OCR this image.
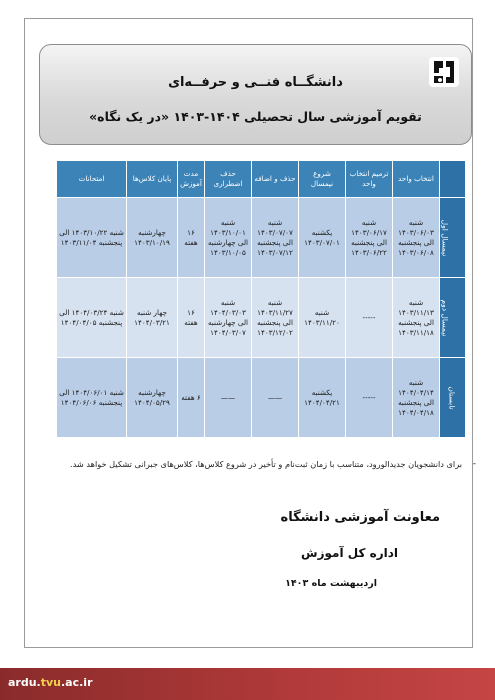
دانشگــاه فنــی و حرفــه‌ای
تقویم آموزشی سال تحصیلی ۱۴۰۴-۱۴۰۳ «در یک نگاه»
	انتخاب واحد	ترمیم انتخاب واحد	شروع نیمسال	حذف و اضافه	حذف اضطراری	مدت آموزش	پایان کلاس‌ها	امتحانات
نیمسال اول	شنبه ۱۴۰۳/۰۶/۰۳ الی پنجشنبه ۱۴۰۳/۰۶/۰۸	شنبه ۱۴۰۳/۰۶/۱۷ الی پنجشنبه ۱۴۰۳/۰۶/۲۲	یکشنبه ۱۴۰۳/۰۷/۰۱	شنبه ۱۴۰۳/۰۷/۰۷ الی پنجشنبه ۱۴۰۳/۰۷/۱۲	شنبه ۱۴۰۳/۱۰/۰۱ الی چهارشنبه ۱۴۰۳/۱۰/۰۵	۱۶ هفته	چهارشنبه ۱۴۰۳/۱۰/۱۹	شنبه ۱۴۰۳/۱۰/۲۲ الی پنجشنبه ۱۴۰۳/۱۱/۰۴
نیمسال دوم	شنبه ۱۴۰۳/۱۱/۱۳ الی پنجشنبه ۱۴۰۳/۱۱/۱۸	-----	شنبه ۱۴۰۳/۱۱/۲۰	شنبه ۱۴۰۳/۱۱/۲۷ الی پنجشنبه ۱۴۰۳/۱۲/۰۲	شنبه ۱۴۰۴/۰۳/۰۳ الی چهارشنبه ۱۴۰۴/۰۳/۰۷	۱۶ هفته	چهار شنبه ۱۴۰۴/۰۳/۲۱	شنبه ۱۴۰۴/۰۳/۲۴ الی پنجشنبه ۱۴۰۴/۰۴/۰۵
تابستان	شنبه ۱۴۰۴/۰۴/۱۴ الی پنجشنبه ۱۴۰۴/۰۴/۱۸	-----	یکشنبه ۱۴۰۴/۰۴/۲۱	——	——	۶ هفته	چهارشنبه ۱۴۰۴/۰۵/۲۹	شنبه ۱۴۰۴/۰۶/۰۱ الی پنجشنبه ۱۴۰۴/۰۶/۰۶
-
برای دانشجویان جدیدالورود، متناسب با زمان ثبت‌نام و تأخیر در شروع کلاس‌ها، کلاس‌های جبرانی تشکیل خواهد شد.
معاونت آموزشی دانشگاه
اداره کل آموزش
اردیبهشت ماه ۱۴۰۳
ardu.tvu.ac.ir
